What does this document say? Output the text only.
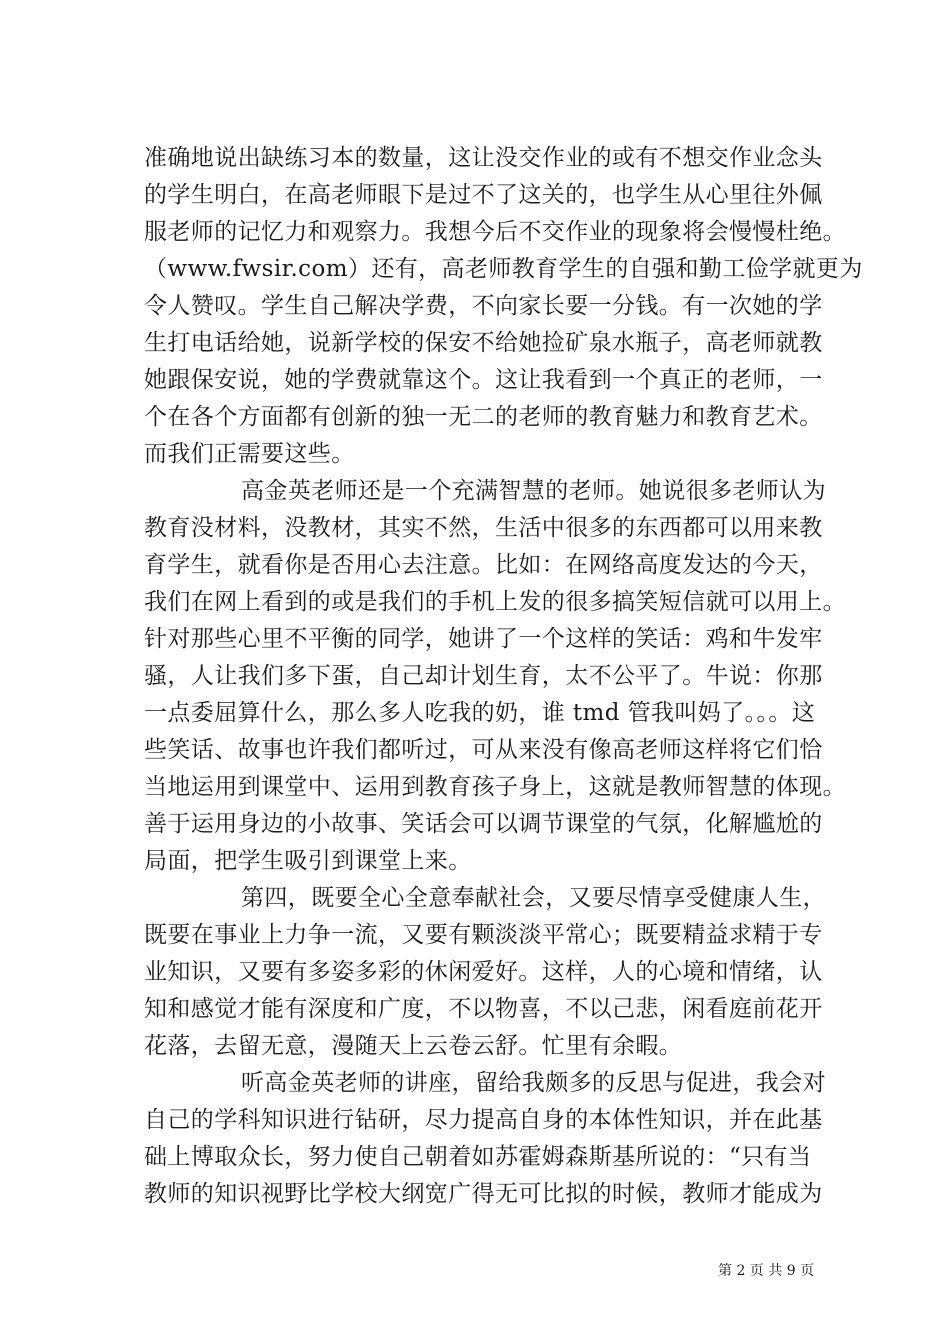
准确地说出缺练习本的数量，这让没交作业的或有不想交作业念头
的学生明白，在高老师眼下是过不了这关的，也学生从心里往外佩
服老师的记忆力和观察力。我想今后不交作业的现象将会慢慢杜绝。
（www.fwsir.com）还有，高老师教育学生的自强和勤工俭学就更为
令人赞叹。学生自己解决学费，不向家长要一分钱。有一次她的学
生打电话给她，说新学校的保安不给她捡矿泉水瓶子，高老师就教
她跟保安说，她的学费就靠这个。这让我看到一个真正的老师，一
个在各个方面都有创新的独一无二的老师的教育魅力和教育艺术。
而我们正需要这些。
高金英老师还是一个充满智慧的老师。她说很多老师认为
教育没材料，没教材，其实不然，生活中很多的东西都可以用来教
育学生，就看你是否用心去注意。比如：在网络高度发达的今天，
我们在网上看到的或是我们的手机上发的很多搞笑短信就可以用上。
针对那些心里不平衡的同学，她讲了一个这样的笑话：鸡和牛发牢
骚，人让我们多下蛋，自己却计划生育，太不公平了。牛说：你那
一点委屈算什么，那么多人吃我的奶，谁 tmd 管我叫妈了。。。这
些笑话、故事也许我们都听过，可从来没有像高老师这样将它们恰
当地运用到课堂中、运用到教育孩子身上，这就是教师智慧的体现。
善于运用身边的小故事、笑话会可以调节课堂的气氛，化解尴尬的
局面，把学生吸引到课堂上来。
第四，既要全心全意奉献社会，又要尽情享受健康人生，
既要在事业上力争一流，又要有颗淡淡平常心；既要精益求精于专
业知识，又要有多姿多彩的休闲爱好。这样，人的心境和情绪，认
知和感觉才能有深度和广度，不以物喜，不以己悲，闲看庭前花开
花落，去留无意，漫随天上云卷云舒。忙里有余暇。
听高金英老师的讲座，留给我颇多的反思与促进，我会对
自己的学科知识进行钻研，尽力提高自身的本体性知识，并在此基
础上博取众长，努力使自己朝着如苏霍姆森斯基所说的：“只有当
教师的知识视野比学校大纲宽广得无可比拟的时候，教师才能成为
第 2 页 共 9 页
